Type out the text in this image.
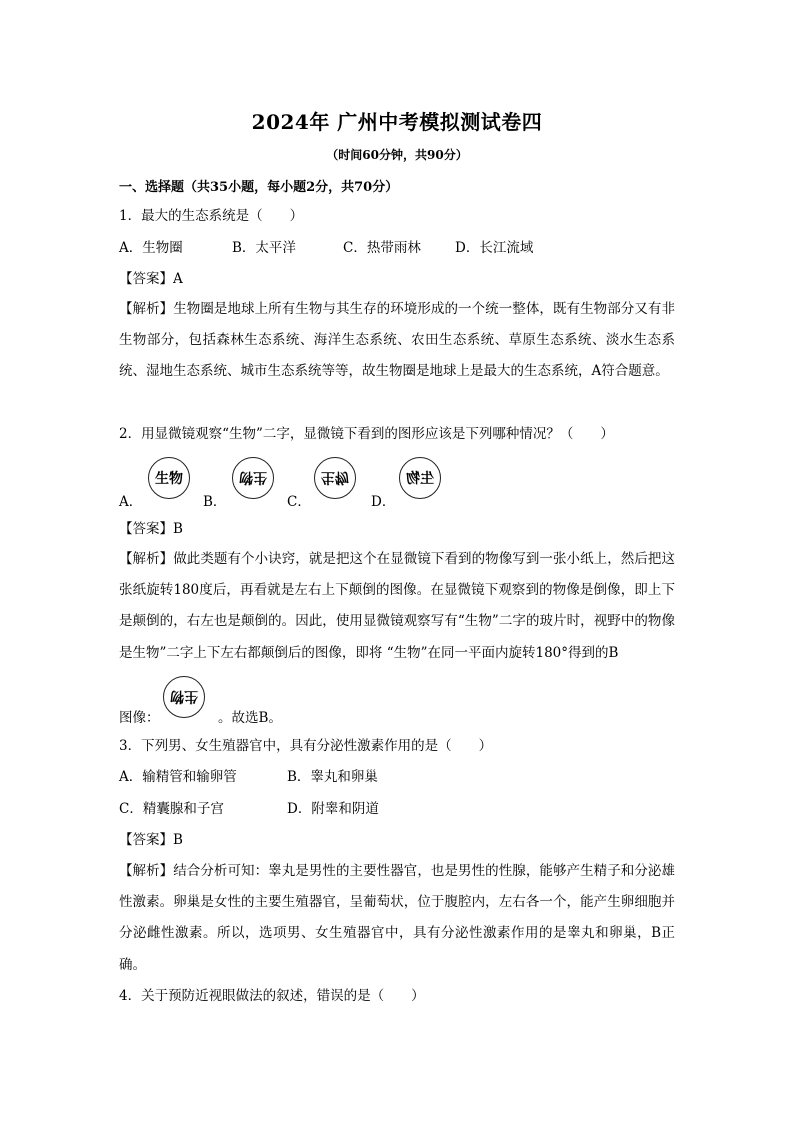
2024年 广州中考模拟测试卷四
（时间60分钟，共90分）
一、选择题（共35小题，每小题2分，共70分）
1．最大的生态系统是（　　）
A．生物圈	B．太平洋	C．热带雨林	D．长江流域
【答案】A
【解析】生物圈是地球上所有生物与其生存的环境形成的一个统一整体，既有生物部分又有非生物部分，包括森林生态系统、海洋生态系统、农田生态系统、草原生态系统、淡水生态系统、湿地生态系统、城市生态系统等等，故生物圈是地球上是最大的生态系统，A符合题意。
2．用显微镜观察“生物”二字，显微镜下看到的图形应该是下列哪种情况？（　　）
生物
A．
生物
B．
生物
C．
生物
D．
【答案】B
【解析】做此类题有个小诀窍，就是把这个在显微镜下看到的物像写到一张小纸上，然后把这张纸旋转180度后，再看就是左右上下颠倒的图像。在显微镜下观察到的物像是倒像，即上下是颠倒的，右左也是颠倒的。因此，使用显微镜观察写有“生物”二字的玻片时，视野中的物像是生物”二字上下左右都颠倒后的图像，即将 “生物”在同一平面内旋转180°得到的B
图像：
生物
。故选B。
3．下列男、女生殖器官中，具有分泌性激素作用的是（　　）
A．输精管和输卵管	B．睾丸和卵巢
C．精囊腺和子宫	D．附睾和阴道
【答案】B
【解析】结合分析可知：睾丸是男性的主要性器官，也是男性的性腺，能够产生精子和分泌雄性激素。卵巢是女性的主要生殖器官，呈葡萄状，位于腹腔内，左右各一个，能产生卵细胞并分泌雌性激素。所以，选项男、女生殖器官中，具有分泌性激素作用的是睾丸和卵巢，B正确。
4．关于预防近视眼做法的叙述，错误的是（　　）
